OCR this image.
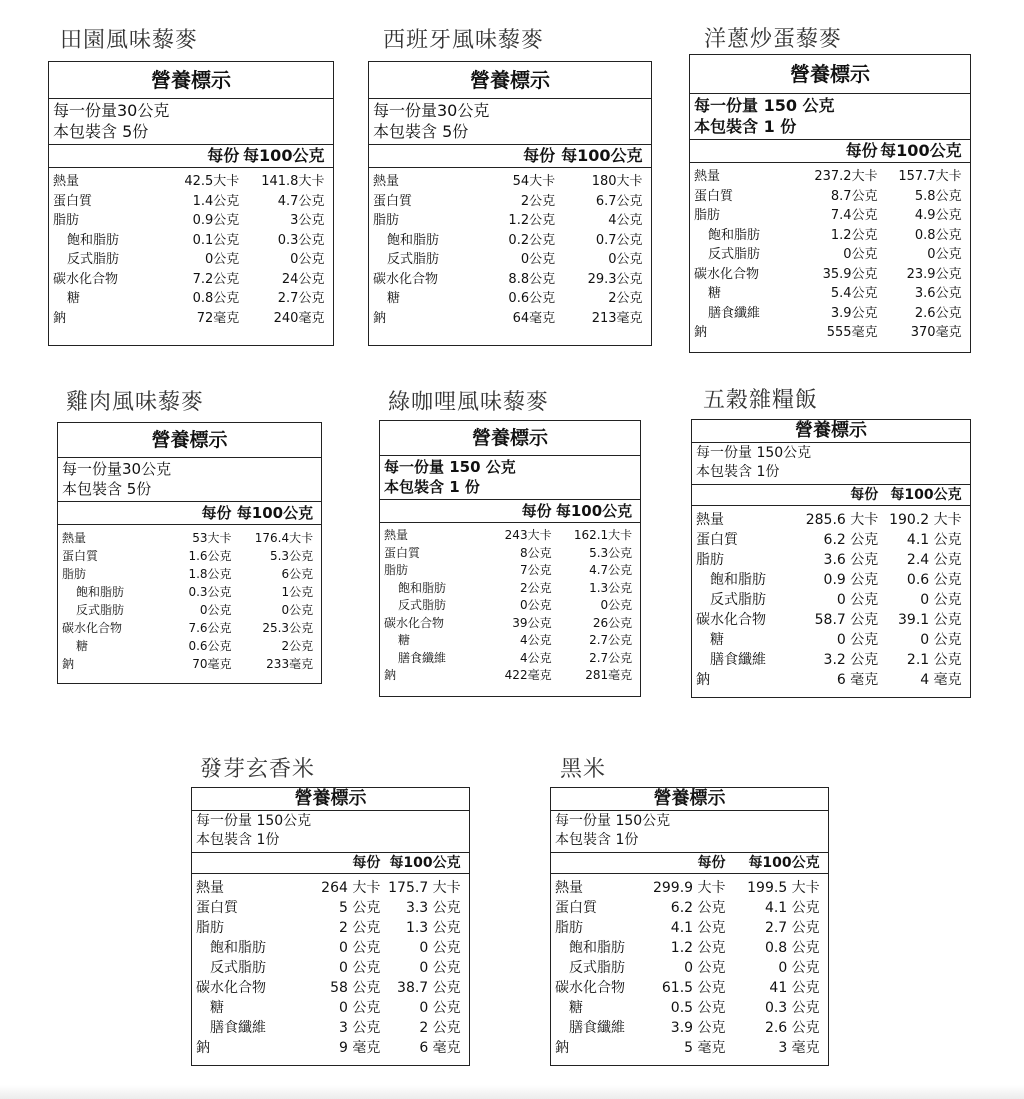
田園風味藜麥
營養標示
每一份量30公克
本包裝含 5份
每份 每100公克
熱量	42.5大卡	141.8大卡
蛋白質	1.4公克	4.7公克
脂肪	0.9公克	3公克
飽和脂肪	0.1公克	0.3公克
反式脂肪	0公克	0公克
碳水化合物	7.2公克	24公克
糖	0.8公克	2.7公克
鈉	72毫克	240毫克
西班牙風味藜麥
營養標示
每一份量30公克
本包裝含 5份
每份 每100公克
熱量	54大卡	180大卡
蛋白質	2公克	6.7公克
脂肪	1.2公克	4公克
飽和脂肪	0.2公克	0.7公克
反式脂肪	0公克	0公克
碳水化合物	8.8公克	29.3公克
糖	0.6公克	2公克
鈉	64毫克	213毫克
洋蔥炒蛋藜麥
營養標示
每一份量 150 公克
本包裝含 1 份
每份 每100公克
熱量	237.2大卡	157.7大卡
蛋白質	8.7公克	5.8公克
脂肪	7.4公克	4.9公克
飽和脂肪	1.2公克	0.8公克
反式脂肪	0公克	0公克
碳水化合物	35.9公克	23.9公克
糖	5.4公克	3.6公克
膳食纖維	3.9公克	2.6公克
鈉	555毫克	370毫克
雞肉風味藜麥
營養標示
每一份量30公克
本包裝含 5份
每份 每100公克
熱量	53大卡	176.4大卡
蛋白質	1.6公克	5.3公克
脂肪	1.8公克	6公克
飽和脂肪	0.3公克	1公克
反式脂肪	0公克	0公克
碳水化合物	7.6公克	25.3公克
糖	0.6公克	2公克
鈉	70毫克	233毫克
綠咖哩風味藜麥
營養標示
每一份量 150 公克
本包裝含 1 份
每份 每100公克
熱量	243大卡	162.1大卡
蛋白質	8公克	5.3公克
脂肪	7公克	4.7公克
飽和脂肪	2公克	1.3公克
反式脂肪	0公克	0公克
碳水化合物	39公克	26公克
糖	4公克	2.7公克
膳食纖維	4公克	2.7公克
鈉	422毫克	281毫克
五穀雜糧飯
營養標示
每一份量 150公克
本包裝含 1份
每份 每100公克
熱量	285.6 大卡 190.2 大卡
蛋白質	6.2 公克	4.1 公克
脂肪	3.6 公克	2.4 公克
飽和脂肪	0.9 公克	0.6 公克
反式脂肪	0 公克	0 公克
碳水化合物	58.7 公克	39.1 公克
糖	0 公克	0 公克
膳食纖維	3.2 公克	2.1 公克
鈉	6 毫克	4 毫克
發芽玄香米
營養標示
每一份量 150公克
本包裝含 1份
每份 每100公克
熱量	264 大卡 175.7 大卡
蛋白質	5 公克	3.3 公克
脂肪	2 公克	1.3 公克
飽和脂肪	0 公克	0 公克
反式脂肪	0 公克	0 公克
碳水化合物	58 公克	38.7 公克
糖	0 公克	0 公克
膳食纖維	3 公克	2 公克
鈉	9 毫克	6 毫克
黑米
營養標示
每一份量 150公克
本包裝含 1份
每份	每100公克
熱量	299.9 大卡	199.5 大卡
蛋白質	6.2 公克	4.1 公克
脂肪	4.1 公克	2.7 公克
飽和脂肪	1.2 公克	0.8 公克
反式脂肪	0 公克	0 公克
碳水化合物	61.5 公克	41 公克
糖	0.5 公克	0.3 公克
膳食纖維	3.9 公克	2.6 公克
鈉	5 毫克	3 毫克
